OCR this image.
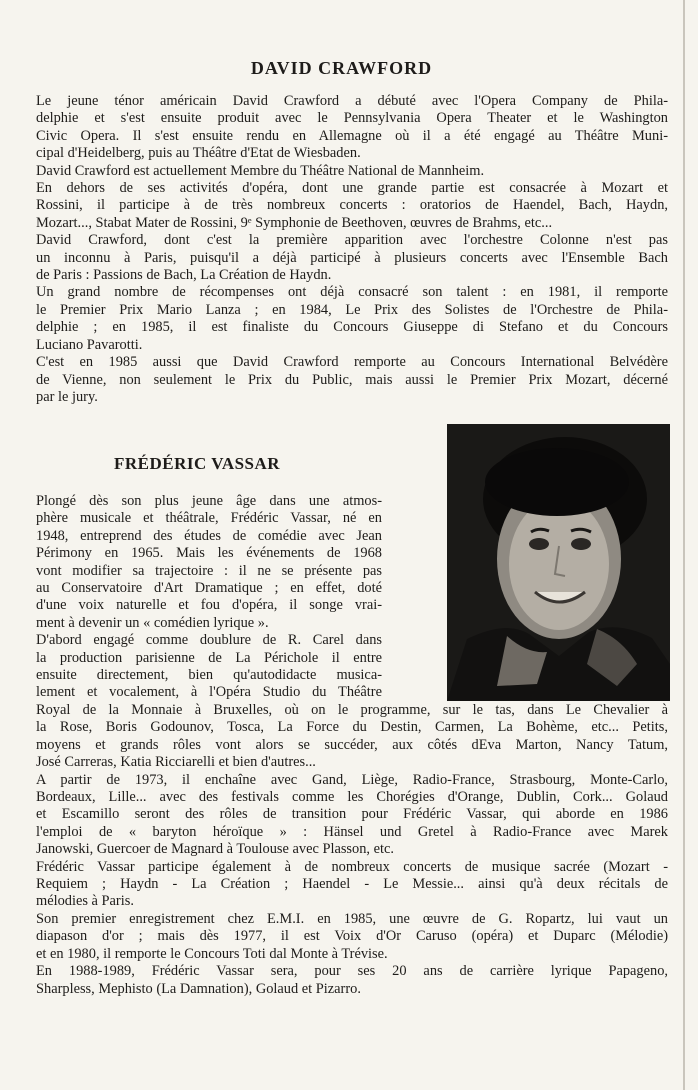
DAVID CRAWFORD

Le jeune ténor américain David Crawford a débuté avec l'Opera Company de Phila-
delphie et s'est ensuite produit avec le Pennsylvania Opera Theater et le Washington
Civic Opera. Il s'est ensuite rendu en Allemagne où il a été engagé au Théâtre Muni-
cipal d'Heidelberg, puis au Théâtre d'Etat de Wiesbaden.
David Crawford est actuellement Membre du Théâtre National de Mannheim.
En dehors de ses activités d'opéra, dont une grande partie est consacrée à Mozart et
Rossini, il participe à de très nombreux concerts : oratorios de Haendel, Bach, Haydn,
Mozart..., Stabat Mater de Rossini, 9ᵉ Symphonie de Beethoven, œuvres de Brahms, etc...
David Crawford, dont c'est la première apparition avec l'orchestre Colonne n'est pas
un inconnu à Paris, puisqu'il a déjà participé à plusieurs concerts avec l'Ensemble Bach
de Paris : Passions de Bach, La Création de Haydn.
Un grand nombre de récompenses ont déjà consacré son talent : en 1981, il remporte
le Premier Prix Mario Lanza ; en 1984, Le Prix des Solistes de l'Orchestre de Phila-
delphie ; en 1985, il est finaliste du Concours Giuseppe di Stefano et du Concours
Luciano Pavarotti.
C'est en 1985 aussi que David Crawford remporte au Concours International Belvédère
de Vienne, non seulement le Prix du Public, mais aussi le Premier Prix Mozart, décerné
par le jury.

FRÉDÉRIC VASSAR

Plongé dès son plus jeune âge dans une atmos-
phère musicale et théâtrale, Frédéric Vassar, né en
1948, entreprend des études de comédie avec Jean
Périmony en 1965. Mais les événements de 1968
vont modifier sa trajectoire : il ne se présente pas
au Conservatoire d'Art Dramatique ; en effet, doté
d'une voix naturelle et fou d'opéra, il songe vrai-
ment à devenir un « comédien lyrique ».
D'abord engagé comme doublure de R. Carel dans
la production parisienne de La Périchole il entre
ensuite directement, bien qu'autodidacte musica-
lement et vocalement, à l'Opéra Studio du Théâtre

Royal de la Monnaie à Bruxelles, où on le programme, sur le tas, dans Le Chevalier à
la Rose, Boris Godounov, Tosca, La Force du Destin, Carmen, La Bohème, etc... Petits,
moyens et grands rôles vont alors se succéder, aux côtés dEva Marton, Nancy Tatum,
José Carreras, Katia Ricciarelli et bien d'autres...
A partir de 1973, il enchaîne avec Gand, Liège, Radio-France, Strasbourg, Monte-Carlo,
Bordeaux, Lille... avec des festivals comme les Chorégies d'Orange, Dublin, Cork... Golaud
et Escamillo seront des rôles de transition pour Frédéric Vassar, qui aborde en 1986
l'emploi de « baryton héroïque » : Hänsel und Gretel à Radio-France avec Marek
Janowski, Guercoer de Magnard à Toulouse avec Plasson, etc.
Frédéric Vassar participe également à de nombreux concerts de musique sacrée (Mozart -
Requiem ; Haydn - La Création ; Haendel - Le Messie... ainsi qu'à deux récitals de
mélodies à Paris.
Son premier enregistrement chez E.M.I. en 1985, une œuvre de G. Ropartz, lui vaut un
diapason d'or ; mais dès 1977, il est Voix d'Or Caruso (opéra) et Duparc (Mélodie)
et en 1980, il remporte le Concours Toti dal Monte à Trévise.
En 1988-1989, Frédéric Vassar sera, pour ses 20 ans de carrière lyrique Papageno,
Sharpless, Mephisto (La Damnation), Golaud et Pizarro.
